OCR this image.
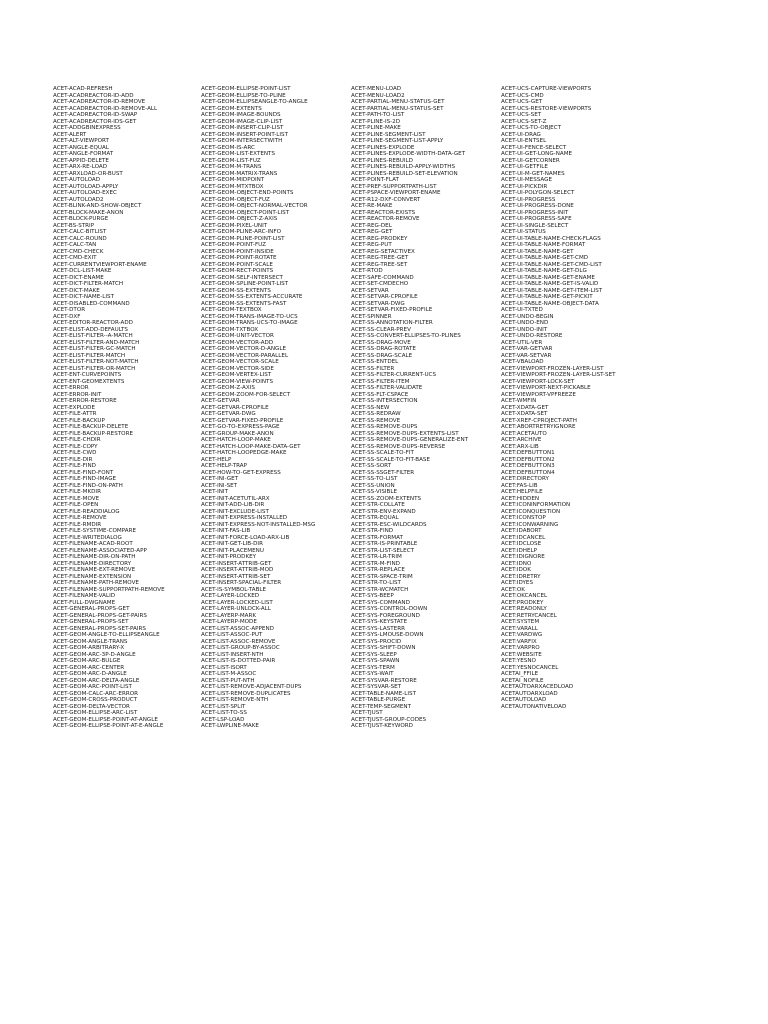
ACET-ACAD-REFRESH
ACET-ACADREACTOR-ID-ADD
ACET-ACADREACTOR-ID-REMOVE
ACET-ACADREACTOR-ID-REMOVE-ALL
ACET-ACADREACTOR-ID-SWAP
ACET-ACADREACTOR-IDS-GET
ACET-ADDGBINEXPRESS
ACET-ALERT
ACET-ALT-VIEWPORT
ACET-ANGLE-EQUAL
ACET-ANGLE-FORMAT
ACET-APPID-DELETE
ACET-ARX-RE-LOAD
ACET-ARXLOAD-OR-BUST
ACET-AUTOLOAD
ACET-AUTOLOAD-APPLY
ACET-AUTOLOAD-EXEC
ACET-AUTOLOAD2
ACET-BLINK-AND-SHOW-OBJECT
ACET-BLOCK-MAKE-ANON
ACET-BLOCK-PURGE
ACET-BS-STRIP
ACET-CALC-BITLIST
ACET-CALC-ROUND
ACET-CALC-TAN
ACET-CMD-CHECK
ACET-CMD-EXIT
ACET-CURRENTVIEWPORT-ENAME
ACET-DCL-LIST-MAKE
ACET-DICT-ENAME
ACET-DICT-FILTER-MATCH
ACET-DICT-MAKE
ACET-DICT-NAME-LIST
ACET-DISABLED-COMMAND
ACET-DTOR
ACET-DXF
ACET-EDITOR-REACTOR-ADD
ACET-ELIST-ADD-DEFAULTS
ACET-ELIST-FILTER--A-MATCH
ACET-ELIST-FILTER-AND-MATCH
ACET-ELIST-FILTER-GC-MATCH
ACET-ELIST-FILTER-MATCH
ACET-ELIST-FILTER-NOT-MATCH
ACET-ELIST-FILTER-OR-MATCH
ACET-ENT-CURVEPOINTS
ACET-ENT-GEOMEXTENTS
ACET-ERROR
ACET-ERROR-INIT
ACET-ERROR-RESTORE
ACET-EXPLODE
ACET-FILE-ATTR
ACET-FILE-BACKUP
ACET-FILE-BACKUP-DELETE
ACET-FILE-BACKUP-RESTORE
ACET-FILE-CHDIR
ACET-FILE-COPY
ACET-FILE-CWD
ACET-FILE-DIR
ACET-FILE-FIND
ACET-FILE-FIND-FONT
ACET-FILE-FIND-IMAGE
ACET-FILE-FIND-ON-PATH
ACET-FILE-MKDIR
ACET-FILE-MOVE
ACET-FILE-OPEN
ACET-FILE-READDIALOG
ACET-FILE-REMOVE
ACET-FILE-RMDIR
ACET-FILE-SYSTIME-COMPARE
ACET-FILE-WRITEDIALOG
ACET-FILENAME-ACAD-ROOT
ACET-FILENAME-ASSOCIATED-APP
ACET-FILENAME-DIR-ON-PATH
ACET-FILENAME-DIRECTORY
ACET-FILENAME-EXT-REMOVE
ACET-FILENAME-EXTENSION
ACET-FILENAME-PATH-REMOVE
ACET-FILENAME-SUPPORTPATH-REMOVE
ACET-FILENAME-VALID
ACET-FULL-DWGNAME
ACET-GENERAL-PROPS-GET
ACET-GENERAL-PROPS-GET-PAIRS
ACET-GENERAL-PROPS-SET
ACET-GENERAL-PROPS-SET-PAIRS
ACET-GEOM-ANGLE-TO-ELLIPSEANGLE
ACET-GEOM-ANGLE-TRANS
ACET-GEOM-ARBITRARY-X
ACET-GEOM-ARC-3P-D-ANGLE
ACET-GEOM-ARC-BULGE
ACET-GEOM-ARC-CENTER
ACET-GEOM-ARC-D-ANGLE
ACET-GEOM-ARC-DELTA-ANGLE
ACET-GEOM-ARC-POINT-LIST
ACET-GEOM-CALC-ARC-ERROR
ACET-GEOM-CROSS-PRODUCT
ACET-GEOM-DELTA-VECTOR
ACET-GEOM-ELLIPSE-ARC-LIST
ACET-GEOM-ELLIPSE-POINT-AT-ANGLE
ACET-GEOM-ELLIPSE-POINT-AT-E-ANGLE
ACET-GEOM-ELLIPSE-POINT-LIST
ACET-GEOM-ELLIPSE-TO-PLINE
ACET-GEOM-ELLIPSEANGLE-TO-ANGLE
ACET-GEOM-EXTENTS
ACET-GEOM-IMAGE-BOUNDS
ACET-GEOM-IMAGE-CLIP-LIST
ACET-GEOM-INSERT-CLIP-LIST
ACET-GEOM-INSERT-POINT-LIST
ACET-GEOM-INTERSECTWITH
ACET-GEOM-IS-ARC
ACET-GEOM-LIST-EXTENTS
ACET-GEOM-LIST-FUZ
ACET-GEOM-M-TRANS
ACET-GEOM-MATRIX-TRANS
ACET-GEOM-MIDPOINT
ACET-GEOM-MTXTBOX
ACET-GEOM-OBJECT-END-POINTS
ACET-GEOM-OBJECT-FUZ
ACET-GEOM-OBJECT-NORMAL-VECTOR
ACET-GEOM-OBJECT-POINT-LIST
ACET-GEOM-OBJECT-Z-AXIS
ACET-GEOM-PIXEL-UNIT
ACET-GEOM-PLINE-ARC-INFO
ACET-GEOM-PLINE-POINT-LIST
ACET-GEOM-POINT-FUZ
ACET-GEOM-POINT-INSIDE
ACET-GEOM-POINT-ROTATE
ACET-GEOM-POINT-SCALE
ACET-GEOM-RECT-POINTS
ACET-GEOM-SELF-INTERSECT
ACET-GEOM-SPLINE-POINT-LIST
ACET-GEOM-SS-EXTENTS
ACET-GEOM-SS-EXTENTS-ACCURATE
ACET-GEOM-SS-EXTENTS-FAST
ACET-GEOM-TEXTBOX
ACET-GEOM-TRANS-IMAGE-TO-UCS
ACET-GEOM-TRANS-UCS-TO-IMAGE
ACET-GEOM-TXTBOX
ACET-GEOM-UNIT-VECTOR
ACET-GEOM-VECTOR-ADD
ACET-GEOM-VECTOR-D-ANGLE
ACET-GEOM-VECTOR-PARALLEL
ACET-GEOM-VECTOR-SCALE
ACET-GEOM-VECTOR-SIDE
ACET-GEOM-VERTEX-LIST
ACET-GEOM-VIEW-POINTS
ACET-GEOM-Z-AXIS
ACET-GEOM-ZOOM-FOR-SELECT
ACET-GETVAR
ACET-GETVAR-CPROFILE
ACET-GETVAR-DWG
ACET-GETVAR-FIXED-PROFILE
ACET-GO-TO-EXPRESS-PAGE
ACET-GROUP-MAKE-ANON
ACET-HATCH-LOOP-MAKE
ACET-HATCH-LOOP-MAKE-DATA-GET
ACET-HATCH-LOOPEDGE-MAKE
ACET-HELP
ACET-HELP-TRAP
ACET-HOW-TO-GET-EXPRESS
ACET-INI-GET
ACET-INI-SET
ACET-INIT
ACET-INIT-ACETUTIL-ARX
ACET-INIT-ADD-LIB-DIR
ACET-INIT-EXCLUDE-LIST
ACET-INIT-EXPRESS-INSTALLED
ACET-INIT-EXPRESS-NOT-INSTALLED-MSG
ACET-INIT-FAS-LIB
ACET-INIT-FORCE-LOAD-ARX-LIB
ACET-INIT-GET-LIB-DIR
ACET-INIT-PLACEMENU
ACET-INIT-PRODKEY
ACET-INSERT-ATTRIB-GET
ACET-INSERT-ATTRIB-MOD
ACET-INSERT-ATTRIB-SET
ACET-INSERT-SPACIAL-FILTER
ACET-IS-SYMBOL-TABLE
ACET-LAYER-LOCKED
ACET-LAYER-LOCKED-LIST
ACET-LAYER-UNLOCK-ALL
ACET-LAYERP-MARK
ACET-LAYERP-MODE
ACET-LIST-ASSOC-APPEND
ACET-LIST-ASSOC-PUT
ACET-LIST-ASSOC-REMOVE
ACET-LIST-GROUP-BY-ASSOC
ACET-LIST-INSERT-NTH
ACET-LIST-IS-DOTTED-PAIR
ACET-LIST-ISORT
ACET-LIST-M-ASSOC
ACET-LIST-PUT-NTH
ACET-LIST-REMOVE-ADJACENT-DUPS
ACET-LIST-REMOVE-DUPLICATES
ACET-LIST-REMOVE-NTH
ACET-LIST-SPLIT
ACET-LIST-TO-SS
ACET-LSP-LOAD
ACET-LWPLINE-MAKE
ACET-MENU-LOAD
ACET-MENU-LOAD2
ACET-PARTIAL-MENU-STATUS-GET
ACET-PARTIAL-MENU-STATUS-SET
ACET-PATH-TO-LIST
ACET-PLINE-IS-2D
ACET-PLINE-MAKE
ACET-PLINE-SEGMENT-LIST
ACET-PLINE-SEGMENT-LIST-APPLY
ACET-PLINES-EXPLODE
ACET-PLINES-EXPLODE-WIDTH-DATA-GET
ACET-PLINES-REBUILD
ACET-PLINES-REBUILD-APPLY-WIDTHS
ACET-PLINES-REBUILD-SET-ELEVATION
ACET-POINT-FLAT
ACET-PREF-SUPPORTPATH-LIST
ACET-PSPACE-VIEWPORT-ENAME
ACET-R12-DXF-CONVERT
ACET-RE-MAKE
ACET-REACTOR-EXISTS
ACET-REACTOR-REMOVE
ACET-REG-DEL
ACET-REG-GET
ACET-REG-PRODKEY
ACET-REG-PUT
ACET-REG-SETACTIVEX
ACET-REG-TREE-GET
ACET-REG-TREE-SET
ACET-RTOD
ACET-SAFE-COMMAND
ACET-SET-CMDECHO
ACET-SETVAR
ACET-SETVAR-CPROFILE
ACET-SETVAR-DWG
ACET-SETVAR-FIXED-PROFILE
ACET-SPINNER
ACET-SS-ANNOTATION-FILTER
ACET-SS-CLEAR-PREV
ACET-SS-CONVERT-ELLIPSES-TO-PLINES
ACET-SS-DRAG-MOVE
ACET-SS-DRAG-ROTATE
ACET-SS-DRAG-SCALE
ACET-SS-ENTDEL
ACET-SS-FILTER
ACET-SS-FILTER-CURRENT-UCS
ACET-SS-FILTER-ITEM
ACET-SS-FILTER-VALIDATE
ACET-SS-FLT-CSPACE
ACET-SS-INTERSECTION
ACET-SS-NEW
ACET-SS-REDRAW
ACET-SS-REMOVE
ACET-SS-REMOVE-DUPS
ACET-SS-REMOVE-DUPS-EXTENTS-LIST
ACET-SS-REMOVE-DUPS-GENERALIZE-ENT
ACET-SS-REMOVE-DUPS-REVERSE
ACET-SS-SCALE-TO-FIT
ACET-SS-SCALE-TO-FIT-BASE
ACET-SS-SORT
ACET-SS-SSGET-FILTER
ACET-SS-TO-LIST
ACET-SS-UNION
ACET-SS-VISIBLE
ACET-SS-ZOOM-EXTENTS
ACET-STR-COLLATE
ACET-STR-ENV-EXPAND
ACET-STR-EQUAL
ACET-STR-ESC-WILDCARDS
ACET-STR-FIND
ACET-STR-FORMAT
ACET-STR-IS-PRINTABLE
ACET-STR-LIST-SELECT
ACET-STR-LR-TRIM
ACET-STR-M-FIND
ACET-STR-REPLACE
ACET-STR-SPACE-TRIM
ACET-STR-TO-LIST
ACET-STR-WCMATCH
ACET-SYS-BEEP
ACET-SYS-COMMAND
ACET-SYS-CONTROL-DOWN
ACET-SYS-FOREGROUND
ACET-SYS-KEYSTATE
ACET-SYS-LASTERR
ACET-SYS-LMOUSE-DOWN
ACET-SYS-PROCID
ACET-SYS-SHIFT-DOWN
ACET-SYS-SLEEP
ACET-SYS-SPAWN
ACET-SYS-TERM
ACET-SYS-WAIT
ACET-SYSVAR-RESTORE
ACET-SYSVAR-SET
ACET-TABLE-NAME-LIST
ACET-TABLE-PURGE
ACET-TEMP-SEGMENT
ACET-TJUST
ACET-TJUST-GROUP-CODES
ACET-TJUST-KEYWORD
ACET-UCS-CAPTURE-VIEWPORTS
ACET-UCS-CMD
ACET-UCS-GET
ACET-UCS-RESTORE-VIEWPORTS
ACET-UCS-SET
ACET-UCS-SET-Z
ACET-UCS-TO-OBJECT
ACET-UI-DRAG
ACET-UI-ENTSEL
ACET-UI-FENCE-SELECT
ACET-UI-GET-LONG-NAME
ACET-UI-GETCORNER
ACET-UI-GETFILE
ACET-UI-M-GET-NAMES
ACET-UI-MESSAGE
ACET-UI-PICKDIR
ACET-UI-POLYGON-SELECT
ACET-UI-PROGRESS
ACET-UI-PROGRESS-DONE
ACET-UI-PROGRESS-INIT
ACET-UI-PROGRESS-SAFE
ACET-UI-SINGLE-SELECT
ACET-UI-STATUS
ACET-UI-TABLE-NAME-CHECK-FLAGS
ACET-UI-TABLE-NAME-FORMAT
ACET-UI-TABLE-NAME-GET
ACET-UI-TABLE-NAME-GET-CMD
ACET-UI-TABLE-NAME-GET-CMD-LIST
ACET-UI-TABLE-NAME-GET-DLG
ACET-UI-TABLE-NAME-GET-ENAME
ACET-UI-TABLE-NAME-GET-IS-VALID
ACET-UI-TABLE-NAME-GET-ITEM-LIST
ACET-UI-TABLE-NAME-GET-PICKIT
ACET-UI-TABLE-NAME-OBJECT-DATA
ACET-UI-TXTED
ACET-UNDO-BEGIN
ACET-UNDO-END
ACET-UNDO-INIT
ACET-UNDO-RESTORE
ACET-UTIL-VER
ACET-VAR-GETVAR
ACET-VAR-SETVAR
ACET-VBALOAD
ACET-VIEWPORT-FROZEN-LAYER-LIST
ACET-VIEWPORT-FROZEN-LAYER-LIST-SET
ACET-VIEWPORT-LOCK-SET
ACET-VIEWPORT-NEXT-PICKABLE
ACET-VIEWPORT-VPFREEZE
ACET-WMFIN
ACET-XDATA-GET
ACET-XDATA-SET
ACET-XREF-CPROJECT-PATH
ACET:ABORTRETRYIGNORE
ACET:ACETAUTO
ACET:ARCHIVE
ACET:ARX-LIB
ACET:DEFBUTTON1
ACET:DEFBUTTON2
ACET:DEFBUTTON3
ACET:DEFBUTTON4
ACET:DIRECTORY
ACET:FAS-LIB
ACET:HELPFILE
ACET:HIDDEN
ACET:ICONINFORMATION
ACET:ICONQUESTION
ACET:ICONSTOP
ACET:ICONWARNING
ACET:IDABORT
ACET:IDCANCEL
ACET:IDCLOSE
ACET:IDHELP
ACET:IDIGNORE
ACET:IDNO
ACET:IDOK
ACET:IDRETRY
ACET:IDYES
ACET:OK
ACET:OKCANCEL
ACET:PRODKEY
ACET:READONLY
ACET:RETRYCANCEL
ACET:SYSTEM
ACET:VARALL
ACET:VARDWG
ACET:VARFIX
ACET:VARPRO
ACET:WEBSITE
ACET:YESNO
ACET:YESNOCANCEL
ACETAI_FFILE
ACETAI_NOFILE
ACETAUTOARXACEDLOAD
ACETAUTOARXLOAD
ACETAUTOLOAD
ACETAUTONATIVELOAD
